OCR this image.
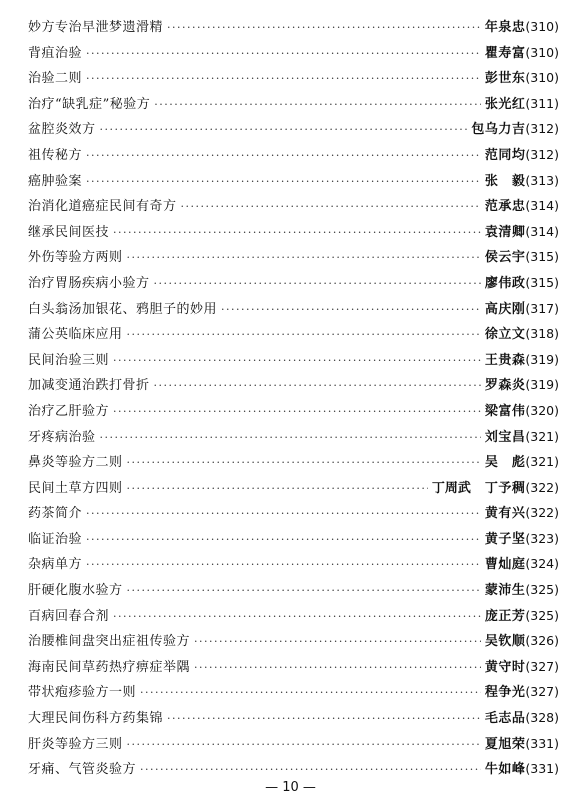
妙方专治早泄梦遗滑精 ·····	年泉忠 (310)
背疽治验 ·····	瞿寿富 (310)
治验二则 ·····	彭世东 (310)
治疗“缺乳症”秘验方 ·····	张光红 (311)
盆腔炎效方 ·····	包乌力吉 (312)
祖传秘方 ·····	范同均 (312)
癌肿验案 ·····	张　毅 (313)
治消化道癌症民间有奇方 ·····	范承忠 (314)
继承民间医技 ·····	袁清卿 (314)
外伤等验方两则 ·····	侯云宇 (315)
治疗胃肠疾病小验方 ·····	廖伟政 (315)
白头翁汤加银花、鸦胆子的妙用 ·····	高庆刚 (317)
蒲公英临床应用 ·····	徐立文 (318)
民间治验三则 ·····	王贵森 (319)
加减变通治跌打骨折 ·····	罗森炎 (319)
治疗乙肝验方 ·····	梁富伟 (320)
牙疼病治验 ·····	刘宝昌 (321)
鼻炎等验方二则 ·····	吴　彪 (321)
民间土草方四则 ·····	丁周武 丁予稠 (322)
药茶简介 ·····	黄有兴 (322)
临证治验 ·····	黄子坚 (323)
杂病单方 ·····	曹灿庭 (324)
肝硬化腹水验方 ·····	蒙沛生 (325)
百病回春合剂 ·····	庞正芳 (325)
治腰椎间盘突出症祖传验方 ·····	吴钦顺 (326)
海南民间草药热疗痹症举隅 ·····	黄守时 (327)
带状疱疹验方一则 ·····	程争光 (327)
大理民间伤科方药集锦 ·····	毛志品 (328)
肝炎等验方三则 ·····	夏旭荣 (331)
牙痛、气管炎验方 ·····	牛如峰 (331)
— 10 —
